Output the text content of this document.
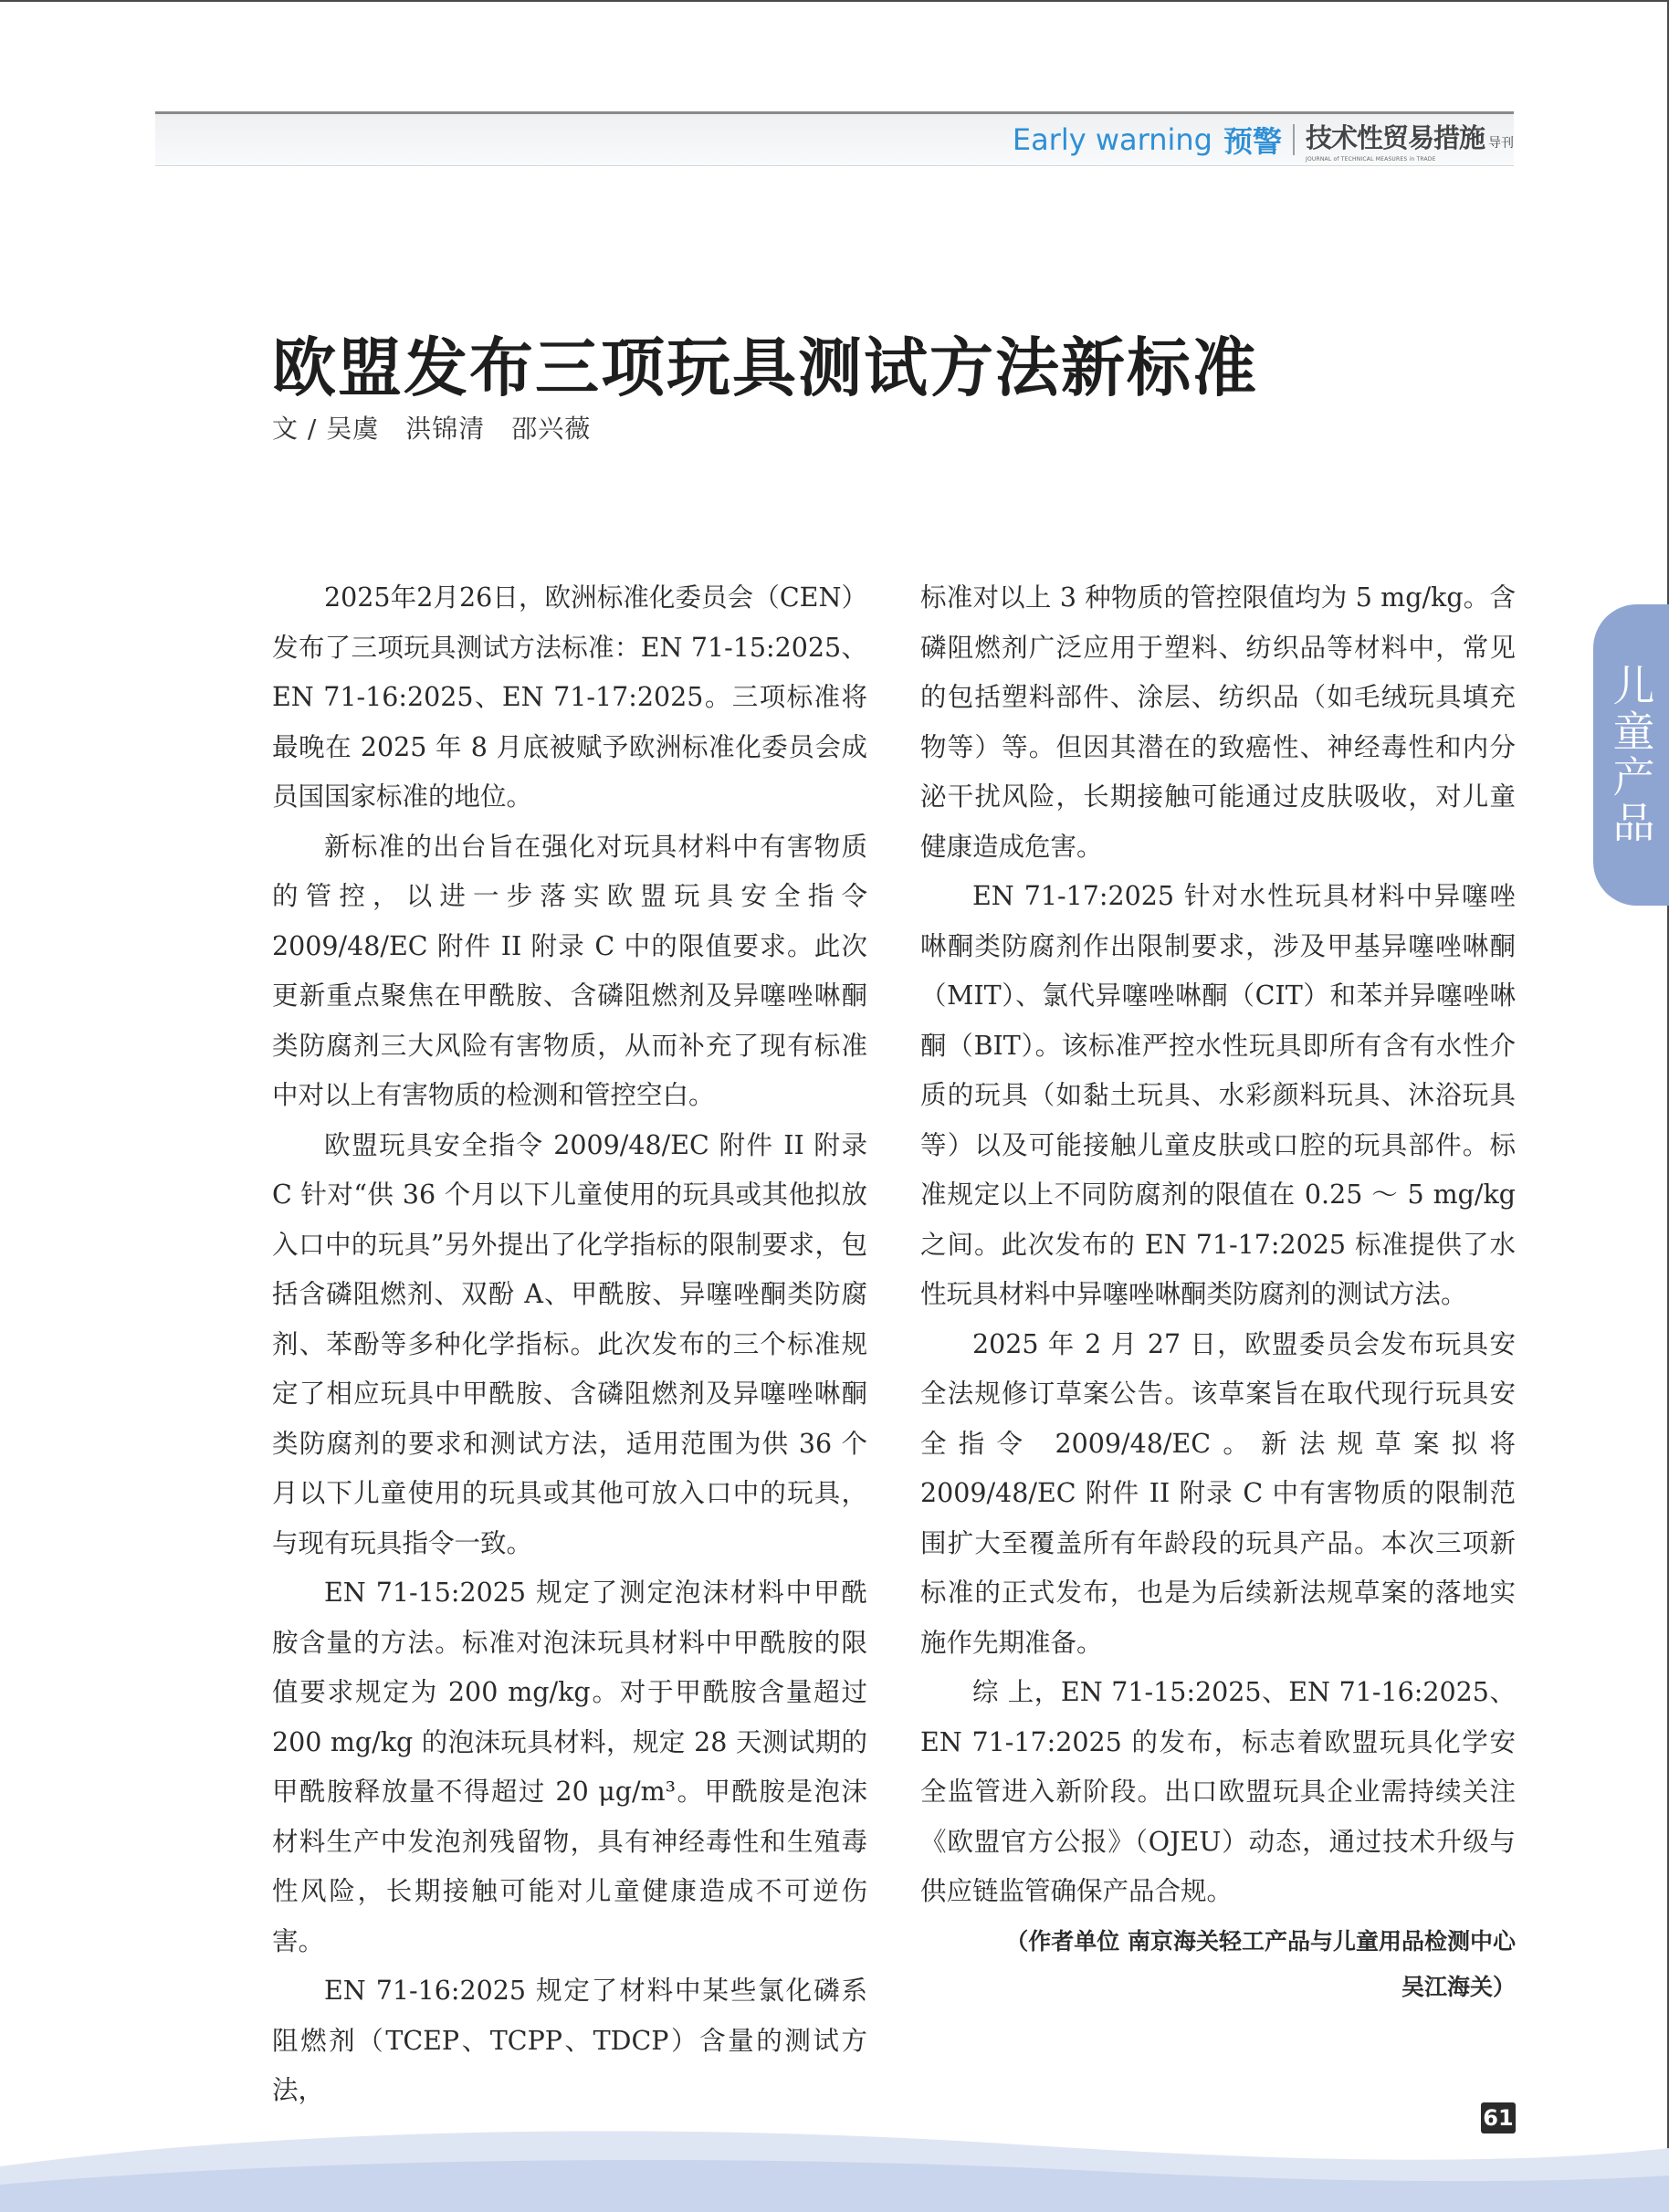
Early warning 预警 技术性贸易措施 导刊
JOURNAL of TECHNICAL MEASURES in TRADE
欧盟发布三项玩具测试方法新标准

文 / 吴虞　洪锦清　邵兴薇

2025年2月26日，欧洲标准化委员会（CEN）发布了三项玩具测试方法标准：EN 71-15:2025、EN 71-16:2025、EN 71-17:2025。三项标准将最晚在 2025 年 8 月底被赋予欧洲标准化委员会成员国国家标准的地位。

新标准的出台旨在强化对玩具材料中有害物质的管控，以进一步落实欧盟玩具安全指令 2009/48/EC 附件 II 附录 C 中的限值要求。此次更新重点聚焦在甲酰胺、含磷阻燃剂及异噻唑啉酮类防腐剂三大风险有害物质，从而补充了现有标准中对以上有害物质的检测和管控空白。

欧盟玩具安全指令 2009/48/EC 附件 II 附录 C 针对“供 36 个月以下儿童使用的玩具或其他拟放入口中的玩具”另外提出了化学指标的限制要求，包括含磷阻燃剂、双酚 A、甲酰胺、异噻唑酮类防腐剂、苯酚等多种化学指标。此次发布的三个标准规定了相应玩具中甲酰胺、含磷阻燃剂及异噻唑啉酮类防腐剂的要求和测试方法，适用范围为供 36 个月以下儿童使用的玩具或其他可放入口中的玩具，与现有玩具指令一致。

EN 71-15:2025 规定了测定泡沫材料中甲酰胺含量的方法。标准对泡沫玩具材料中甲酰胺的限值要求规定为 200 mg/kg。对于甲酰胺含量超过 200 mg/kg 的泡沫玩具材料，规定 28 天测试期的甲酰胺释放量不得超过 20 μg/m³。甲酰胺是泡沫材料生产中发泡剂残留物，具有神经毒性和生殖毒性风险，长期接触可能对儿童健康造成不可逆伤害。

EN 71-16:2025 规定了材料中某些氯化磷系阻燃剂（TCEP、TCPP、TDCP）含量的测试方法，

标准对以上 3 种物质的管控限值均为 5 mg/kg。含磷阻燃剂广泛应用于塑料、纺织品等材料中，常见的包括塑料部件、涂层、纺织品（如毛绒玩具填充物等）等。但因其潜在的致癌性、神经毒性和内分泌干扰风险，长期接触可能通过皮肤吸收，对儿童健康造成危害。

EN 71-17:2025 针对水性玩具材料中异噻唑啉酮类防腐剂作出限制要求，涉及甲基异噻唑啉酮（MIT）、氯代异噻唑啉酮（CIT）和苯并异噻唑啉酮（BIT）。该标准严控水性玩具即所有含有水性介质的玩具（如黏土玩具、水彩颜料玩具、沐浴玩具等）以及可能接触儿童皮肤或口腔的玩具部件。标准规定以上不同防腐剂的限值在 0.25 ～ 5 mg/kg 之间。此次发布的 EN 71-17:2025 标准提供了水性玩具材料中异噻唑啉酮类防腐剂的测试方法。

2025 年 2 月 27 日，欧盟委员会发布玩具安全法规修订草案公告。该草案旨在取代现行玩具安全指令 2009/48/EC。新法规草案拟将 2009/48/EC 附件 II 附录 C 中有害物质的限制范围扩大至覆盖所有年龄段的玩具产品。本次三项新标准的正式发布，也是为后续新法规草案的落地实施作先期准备。

综 上，EN 71-15:2025、EN 71-16:2025、EN 71-17:2025 的发布，标志着欧盟玩具化学安全监管进入新阶段。出口欧盟玩具企业需持续关注《欧盟官方公报》（OJEU）动态，通过技术升级与供应链监管确保产品合规。

（作者单位 南京海关轻工产品与儿童用品检测中心
吴江海关）
儿童产品
61
